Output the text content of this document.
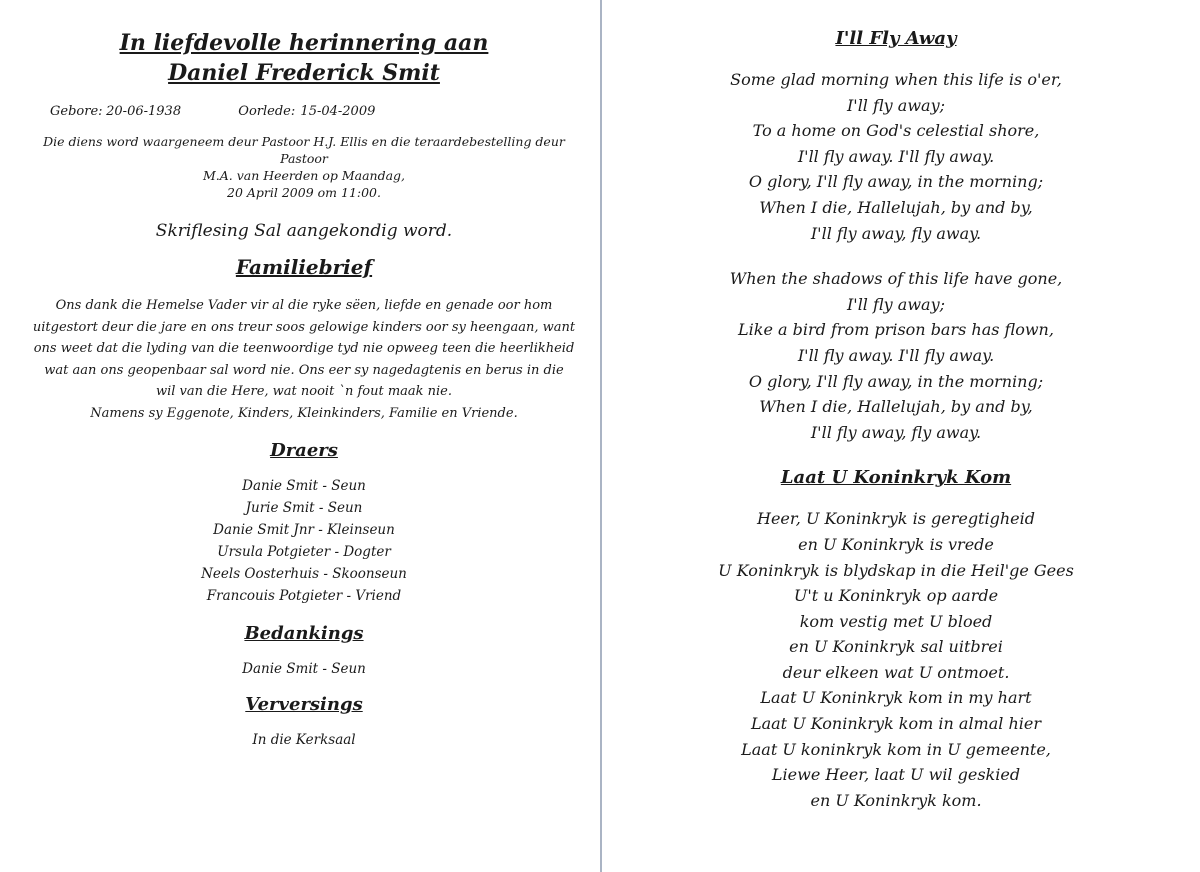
In liefdevolle herinnering aan
Daniel Frederick Smit
Gebore: 20-06-1938	Oorlede: 15-04-2009
Die diens word waargeneem deur Pastoor H.J. Ellis en die teraardebestelling deur Pastoor
M.A. van Heerden op Maandag,
20 April 2009 om 11:00.
Skriflesing Sal aangekondig word.
Familiebrief
Ons dank die Hemelse Vader vir al die ryke sëen, liefde en genade oor hom
uitgestort deur die jare en ons treur soos gelowige kinders oor sy heengaan, want
ons weet dat die lyding van die teenwoordige tyd nie opweeg teen die heerlikheid
wat aan ons geopenbaar sal word nie. Ons eer sy nagedagtenis en berus in die
wil van die Here, wat nooit `n fout maak nie.
Namens sy Eggenote, Kinders, Kleinkinders, Familie en Vriende.
Draers
Danie Smit - Seun
Jurie Smit - Seun
Danie Smit Jnr - Kleinseun
Ursula Potgieter - Dogter
Neels Oosterhuis - Skoonseun
Francouis Potgieter - Vriend
Bedankings
Danie Smit - Seun
Verversings
In die Kerksaal
I'll Fly Away
Some glad morning when this life is o'er,
I'll fly away;
To a home on God's celestial shore,
I'll fly away. I'll fly away.
O glory, I'll fly away, in the morning;
When I die, Hallelujah, by and by,
I'll fly away, fly away.
When the shadows of this life have gone,
I'll fly away;
Like a bird from prison bars has flown,
I'll fly away. I'll fly away.
O glory, I'll fly away, in the morning;
When I die, Hallelujah, by and by,
I'll fly away, fly away.
Laat U Koninkryk Kom
Heer, U Koninkryk is geregtigheid
en U Koninkryk is vrede
U Koninkryk is blydskap in die Heil'ge Gees
U't u Koninkryk op aarde
kom vestig met U bloed
en U Koninkryk sal uitbrei
deur elkeen wat U ontmoet.
Laat U Koninkryk kom in my hart
Laat U Koninkryk kom in almal hier
Laat U koninkryk kom in U gemeente,
Liewe Heer, laat U wil geskied
en U Koninkryk kom.
